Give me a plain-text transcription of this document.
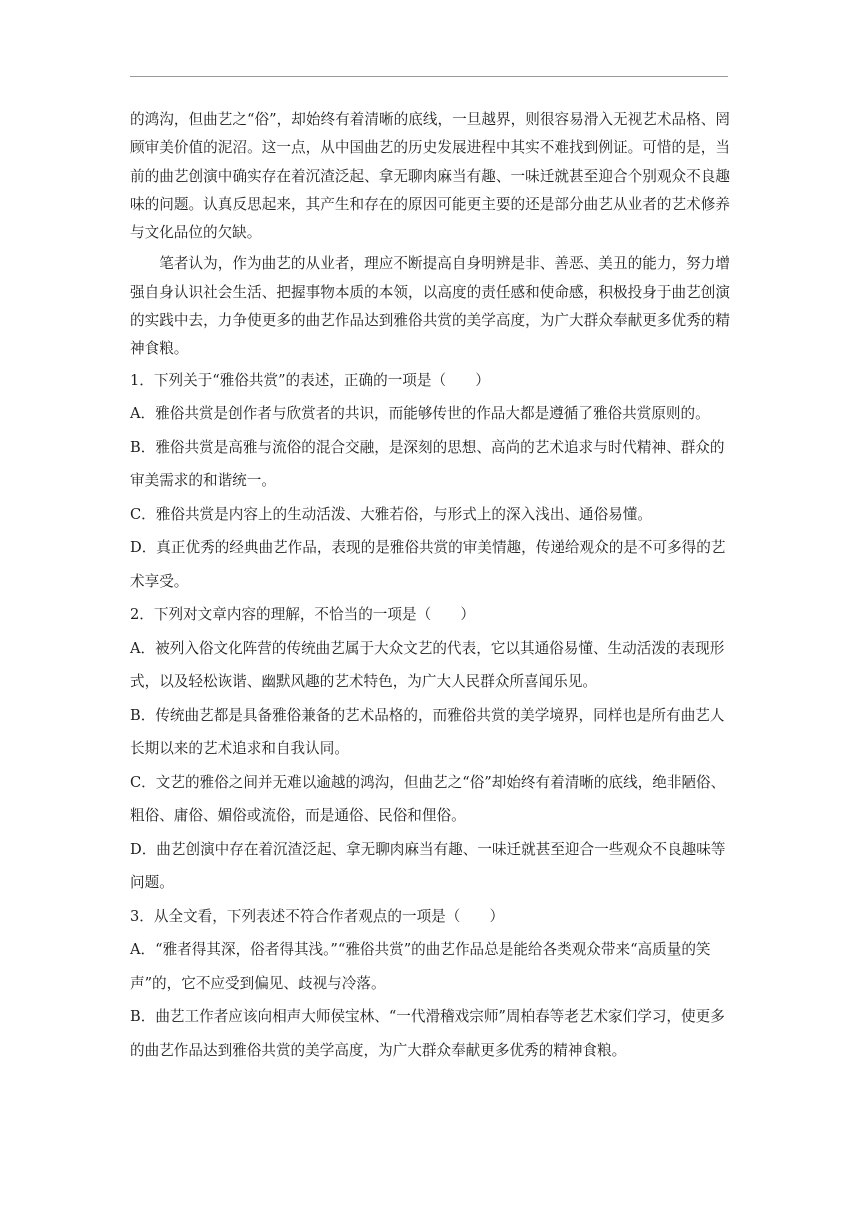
的鸿沟，但曲艺之“俗”，却始终有着清晰的底线，一旦越界，则很容易滑入无视艺术品格、罔顾审美价值的泥沼。这一点，从中国曲艺的历史发展进程中其实不难找到例证。可惜的是，当前的曲艺创演中确实存在着沉渣泛起、拿无聊肉麻当有趣、一味迁就甚至迎合个别观众不良趣味的问题。认真反思起来，其产生和存在的原因可能更主要的还是部分曲艺从业者的艺术修养与文化品位的欠缺。

笔者认为，作为曲艺的从业者，理应不断提高自身明辨是非、善恶、美丑的能力，努力增强自身认识社会生活、把握事物本质的本领，以高度的责任感和使命感，积极投身于曲艺创演的实践中去，力争使更多的曲艺作品达到雅俗共赏的美学高度，为广大群众奉献更多优秀的精神食粮。

1．下列关于“雅俗共赏”的表述，正确的一项是（　　）

A．雅俗共赏是创作者与欣赏者的共识，而能够传世的作品大都是遵循了雅俗共赏原则的。

B．雅俗共赏是高雅与流俗的混合交融，是深刻的思想、高尚的艺术追求与时代精神、群众的审美需求的和谐统一。

C．雅俗共赏是内容上的生动活泼、大雅若俗，与形式上的深入浅出、通俗易懂。

D．真正优秀的经典曲艺作品，表现的是雅俗共赏的审美情趣，传递给观众的是不可多得的艺术享受。

2．下列对文章内容的理解，不恰当的一项是（　　）

A．被列入俗文化阵营的传统曲艺属于大众文艺的代表，它以其通俗易懂、生动活泼的表现形式，以及轻松诙谐、幽默风趣的艺术特色，为广大人民群众所喜闻乐见。

B．传统曲艺都是具备雅俗兼备的艺术品格的，而雅俗共赏的美学境界，同样也是所有曲艺人长期以来的艺术追求和自我认同。

C．文艺的雅俗之间并无难以逾越的鸿沟，但曲艺之“俗”却始终有着清晰的底线，绝非陋俗、粗俗、庸俗、媚俗或流俗，而是通俗、民俗和俚俗。

D．曲艺创演中存在着沉渣泛起、拿无聊肉麻当有趣、一味迁就甚至迎合一些观众不良趣味等问题。

3．从全文看，下列表述不符合作者观点的一项是（　　）

A．“雅者得其深，俗者得其浅。”“雅俗共赏”的曲艺作品总是能给各类观众带来“高质量的笑声”的，它不应受到偏见、歧视与冷落。

B．曲艺工作者应该向相声大师侯宝林、“一代滑稽戏宗师”周柏春等老艺术家们学习，使更多的曲艺作品达到雅俗共赏的美学高度，为广大群众奉献更多优秀的精神食粮。
